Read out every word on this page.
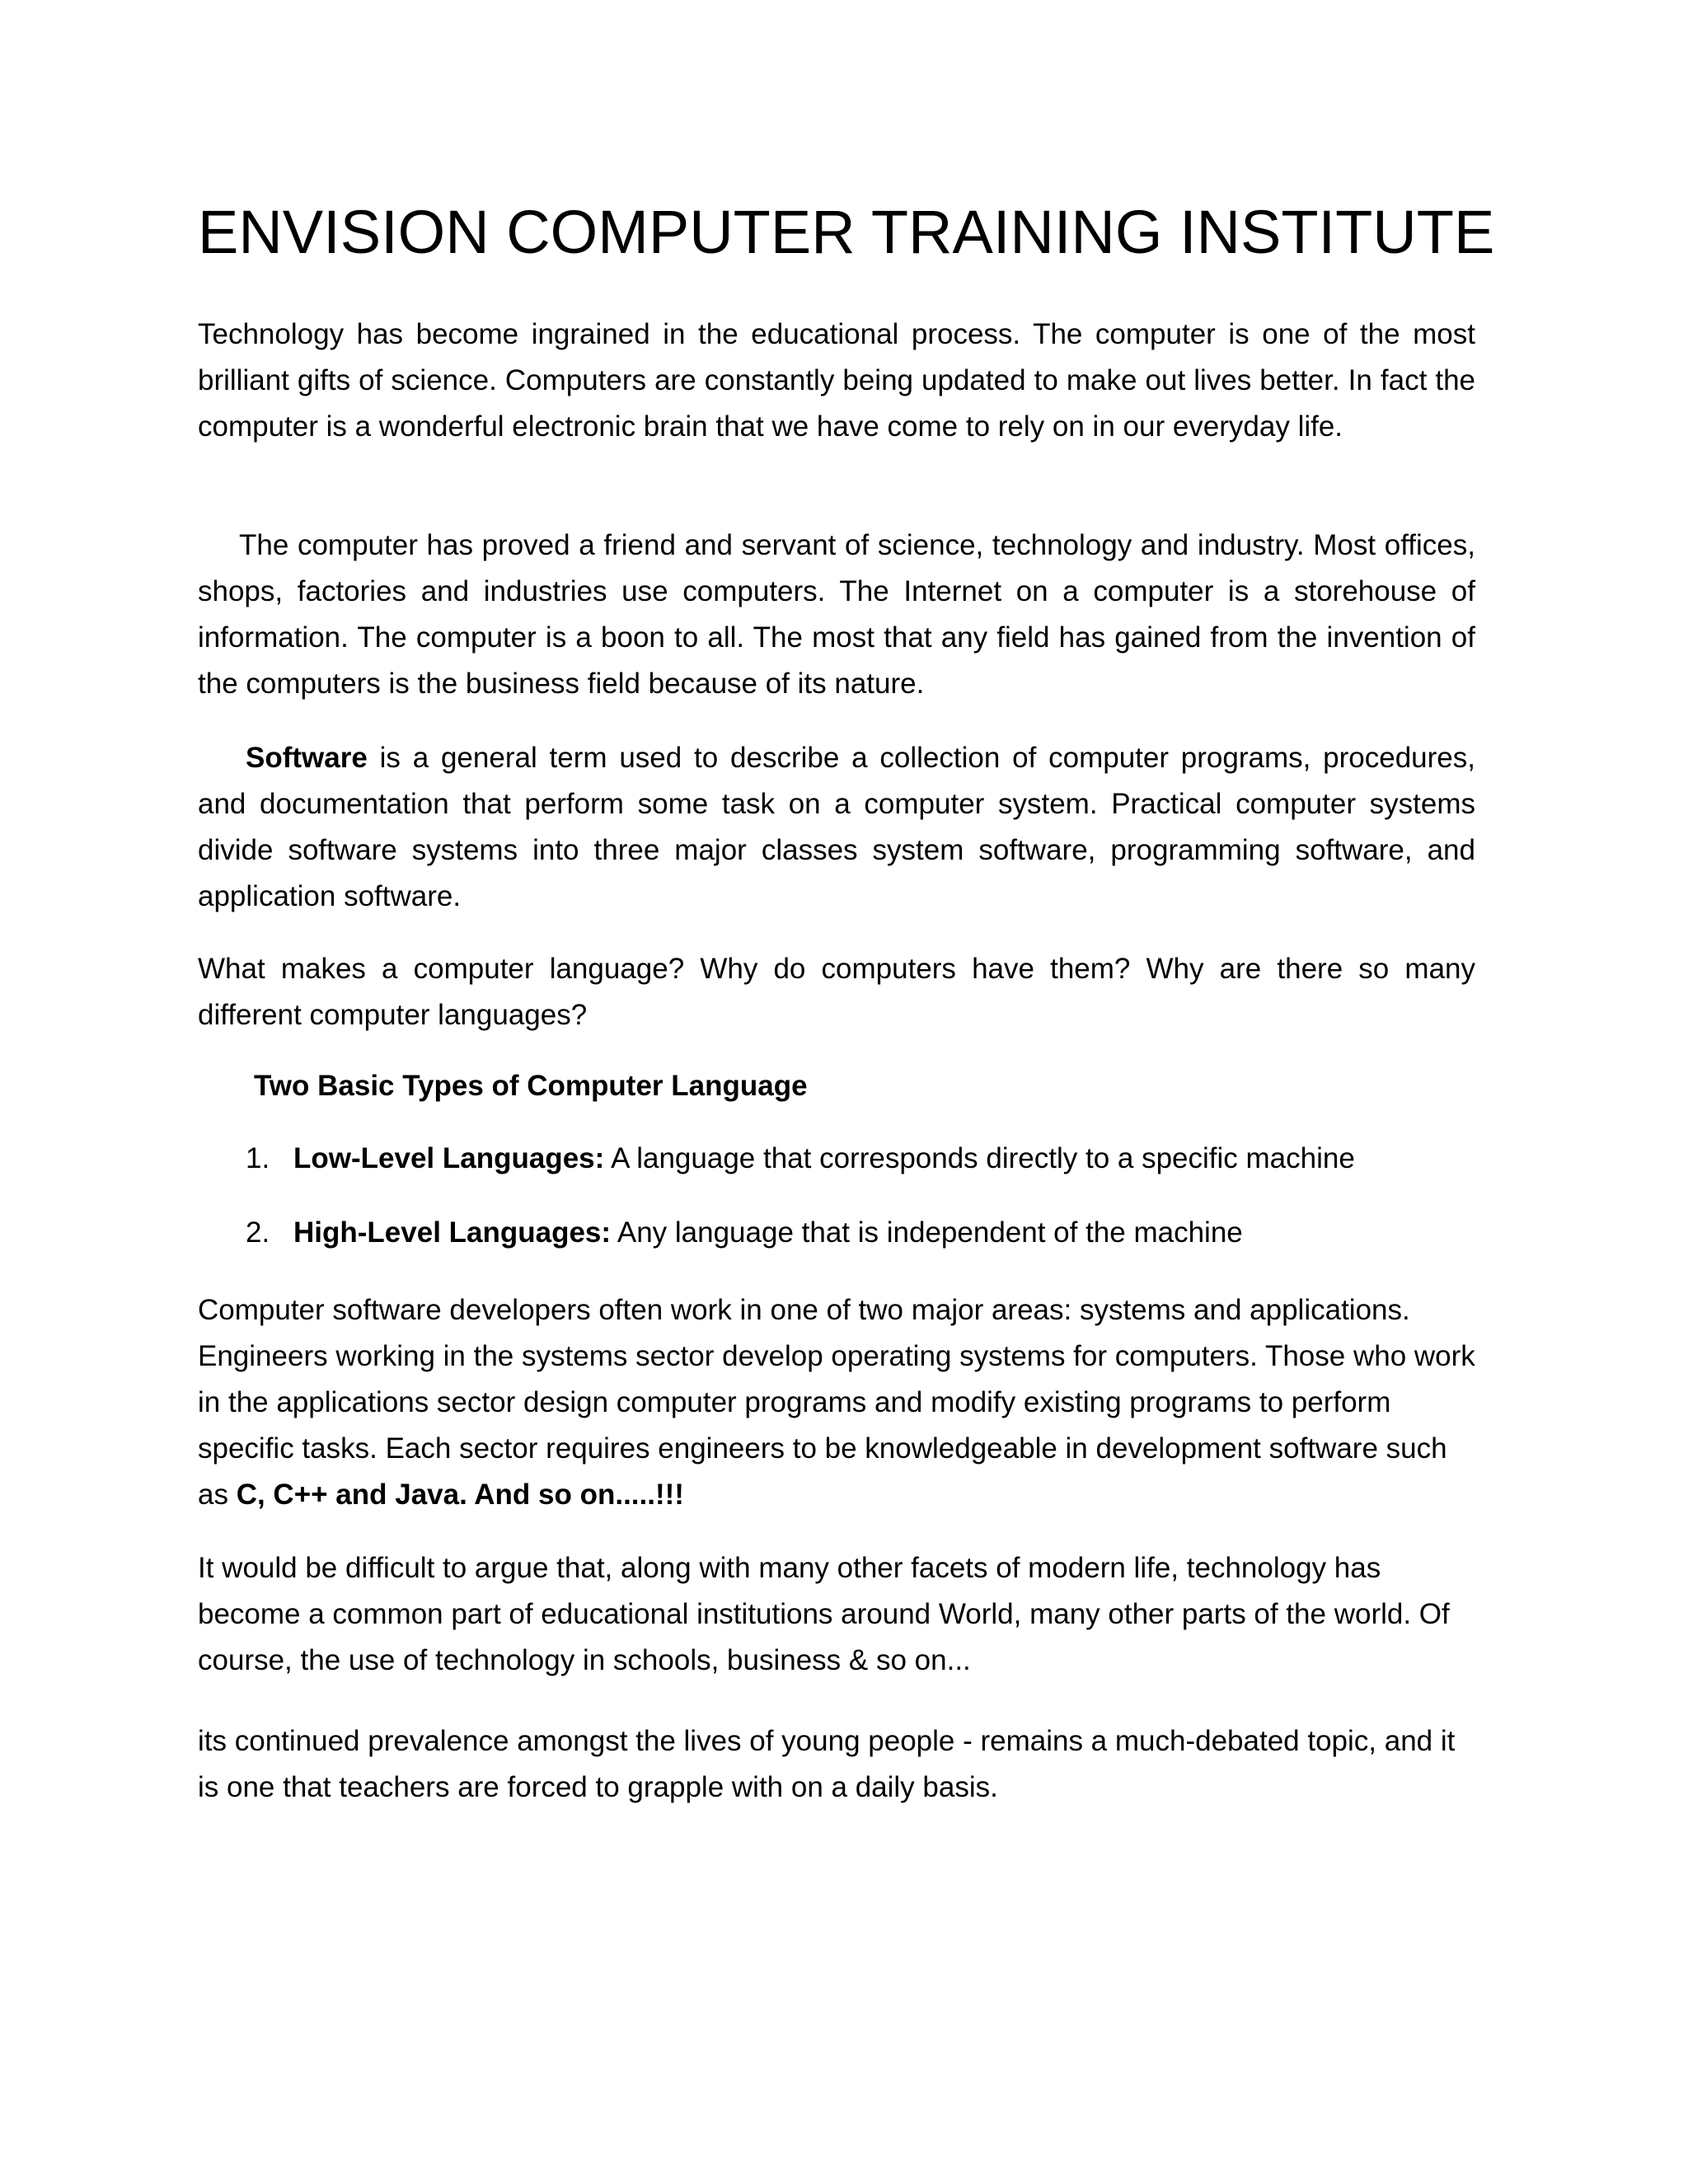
ENVISION COMPUTER TRAINING INSTITUTE

Technology has become ingrained in the educational process. The computer is one of the most brilliant gifts of science. Computers are constantly being updated to make out lives better. In fact the computer is a wonderful electronic brain that we have come to rely on in our everyday life.

The computer has proved a friend and servant of science, technology and industry. Most offices, shops, factories and industries use computers. The Internet on a computer is a storehouse of information. The computer is a boon to all. The most that any field has gained from the invention of the computers is the business field because of its nature.

Software is a general term used to describe a collection of computer programs, procedures, and documentation that perform some task on a computer system. Practical computer systems divide software systems into three major classes system software, programming software, and application software.

What makes a computer language? Why do computers have them? Why are there so many different computer languages?

Two Basic Types of Computer Language
1. Low-Level Languages: A language that corresponds directly to a specific machine
2. High-Level Languages: Any language that is independent of the machine

Computer software developers often work in one of two major areas: systems and applications. Engineers working in the systems sector develop operating systems for computers. Those who work in the applications sector design computer programs and modify existing programs to perform specific tasks. Each sector requires engineers to be knowledgeable in development software such as C, C++ and Java. And so on.....!!!

It would be difficult to argue that, along with many other facets of modern life, technology has become a common part of educational institutions around World, many other parts of the world. Of course, the use of technology in schools, business & so on...

its continued prevalence amongst the lives of young people - remains a much-debated topic, and it is one that teachers are forced to grapple with on a daily basis.
